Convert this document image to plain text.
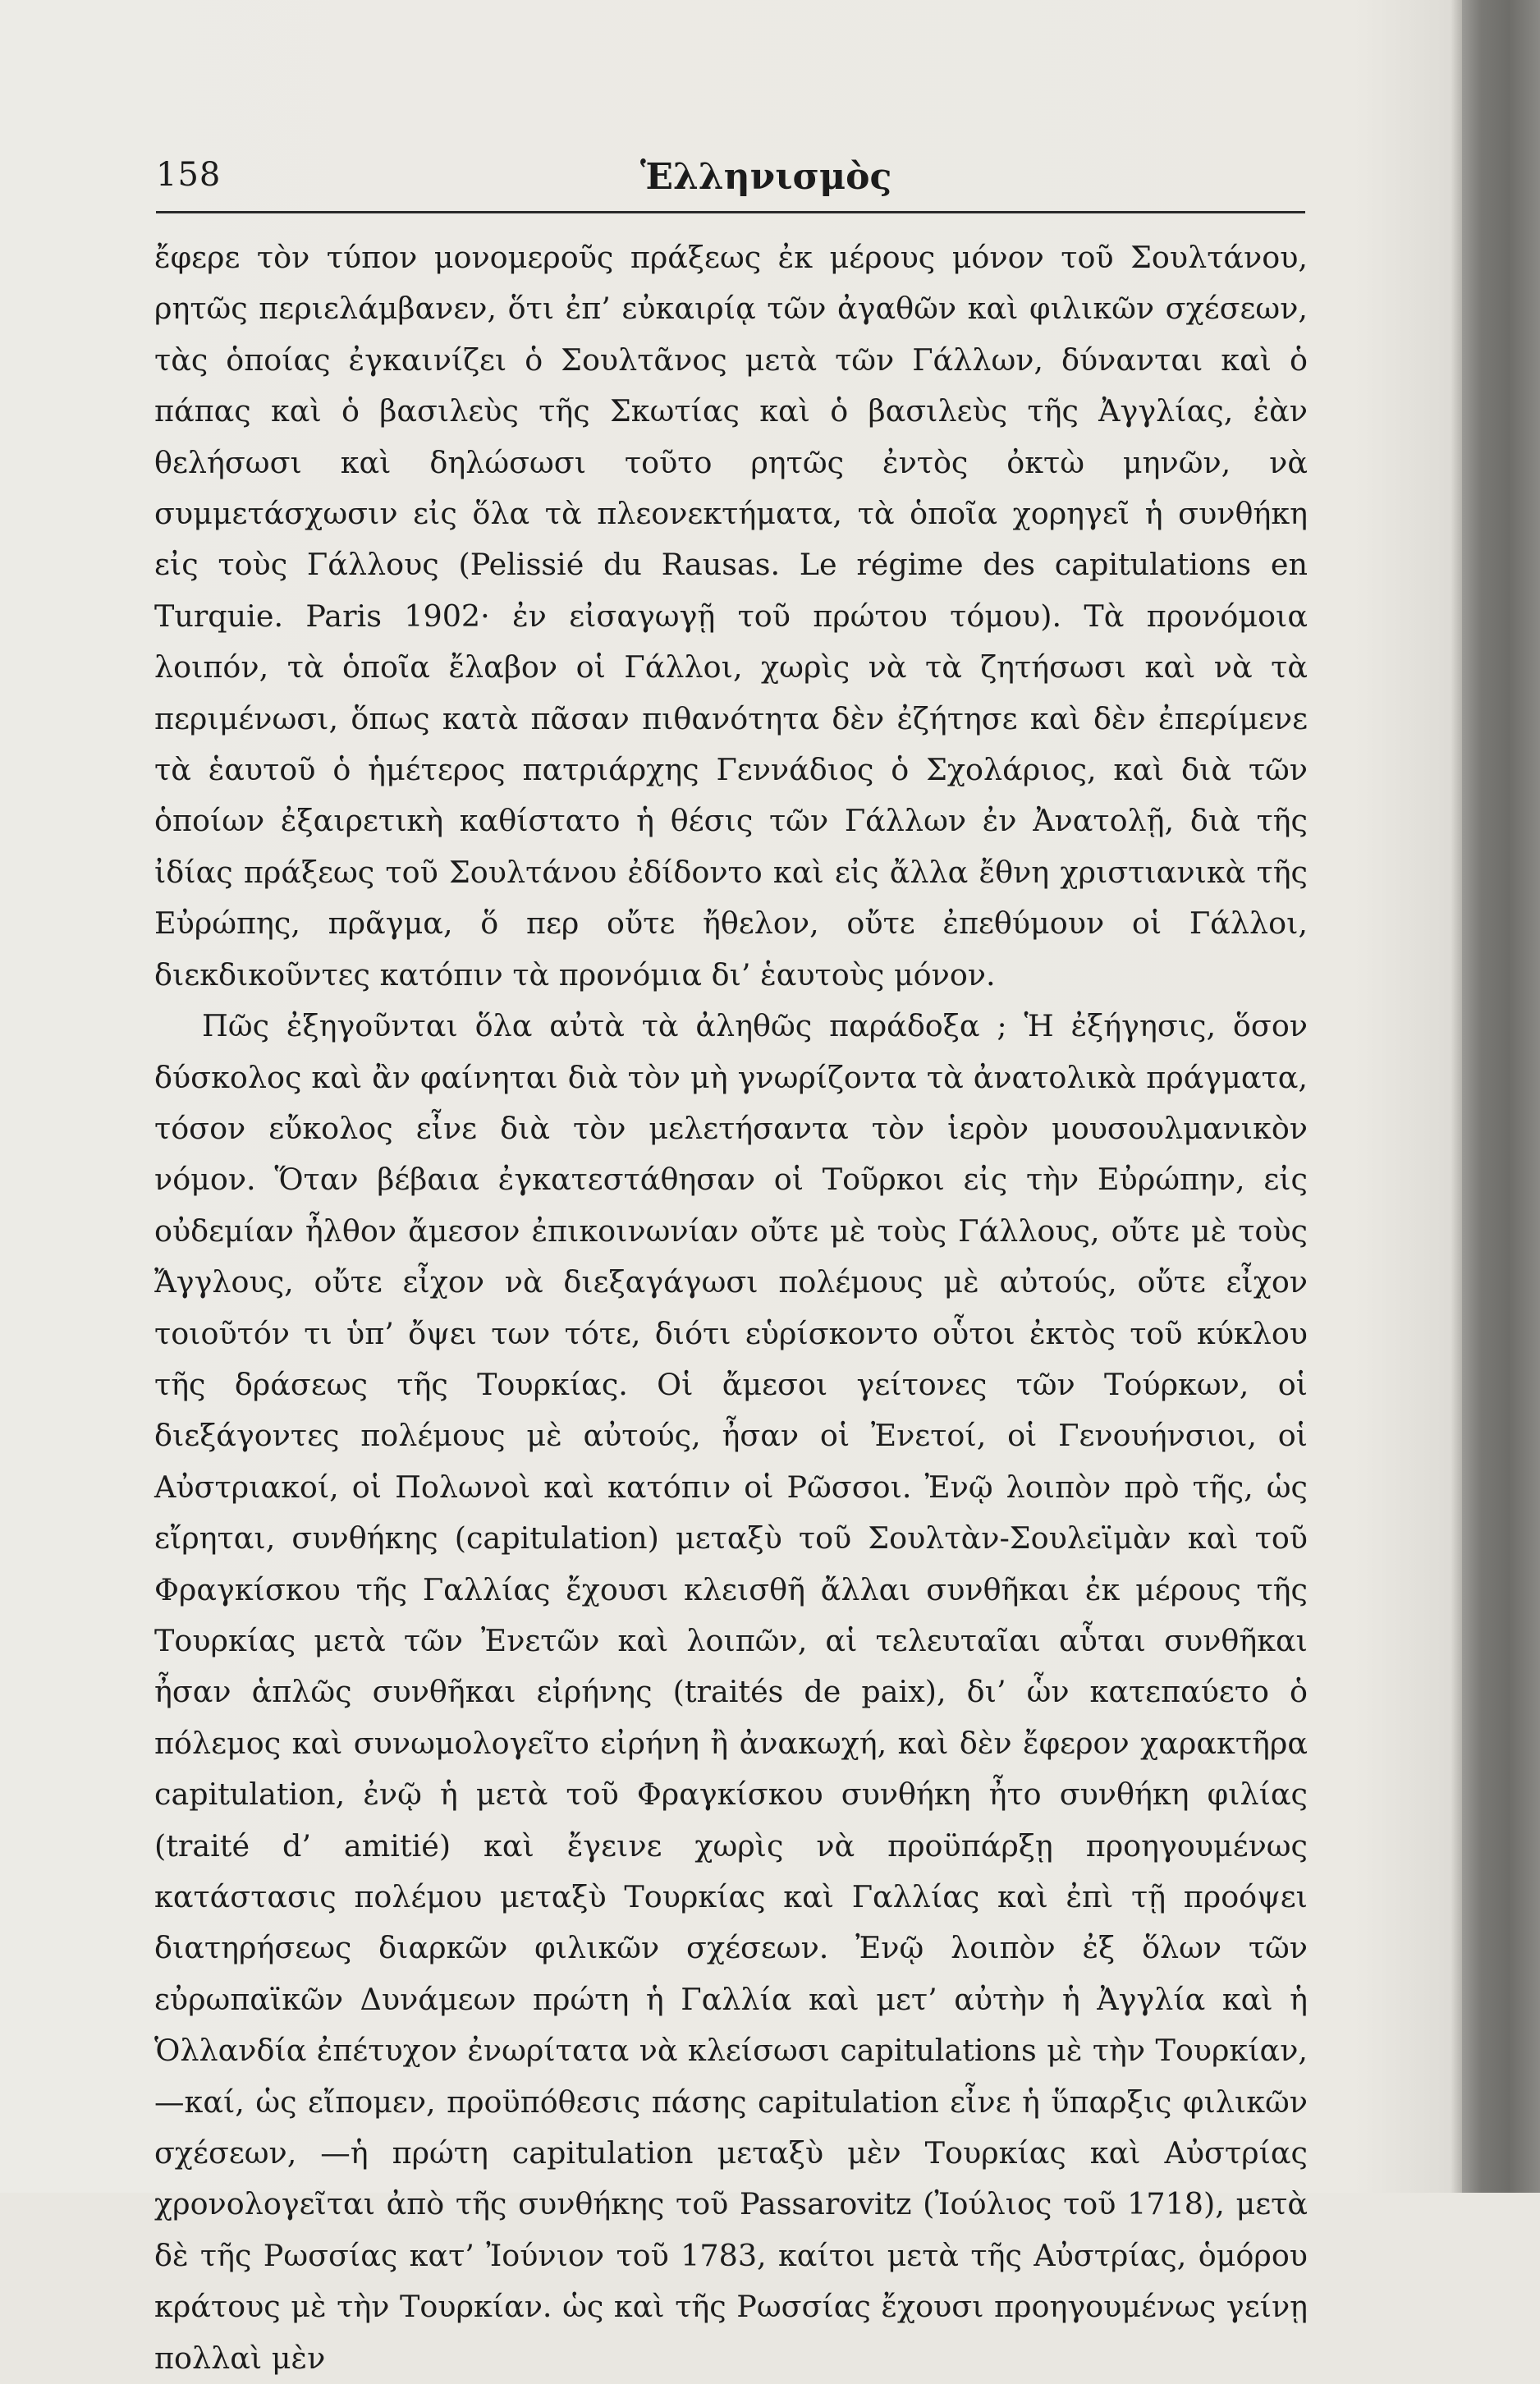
158	Ἑλληνισμὸς

ἔφερε τὸν τύπον μονομεροῦς πράξεως ἐκ μέρους μόνον τοῦ Σουλτάνου, ρητῶς περιελάμβανεν, ὅτι ἐπ’ εὐκαιρίᾳ τῶν ἀγαθῶν καὶ φιλικῶν σχέσεων, τὰς ὁποίας ἐγκαινίζει ὁ Σουλτᾶνος μετὰ τῶν Γάλλων, δύνανται καὶ ὁ πάπας καὶ ὁ βασιλεὺς τῆς Σκωτίας καὶ ὁ βασιλεὺς τῆς Ἀγγλίας, ἐὰν θελήσωσι καὶ δηλώσωσι τοῦτο ρητῶς ἐντὸς ὀκτὼ μηνῶν, νὰ συμμετάσχωσιν εἰς ὅλα τὰ πλεονεκτήματα, τὰ ὁποῖα χορηγεῖ ἡ συνθήκη εἰς τοὺς Γάλλους (Pelissié du Rausas. Le régime des capitulations en Turquie. Paris 1902· ἐν εἰσαγωγῇ τοῦ πρώτου τόμου). Τὰ προνόμοια λοιπόν, τὰ ὁποῖα ἔλαβον οἱ Γάλλοι, χωρὶς νὰ τὰ ζητήσωσι καὶ νὰ τὰ περιμένωσι, ὅπως κατὰ πᾶσαν πιθανότητα δὲν ἐζήτησε καὶ δὲν ἐπερίμενε τὰ ἑαυτοῦ ὁ ἡμέτερος πατριάρχης Γεννάδιος ὁ Σχολάριος, καὶ διὰ τῶν ὁποίων ἐξαιρετικὴ καθίστατο ἡ θέσις τῶν Γάλλων ἐν Ἀνατολῇ, διὰ τῆς ἰδίας πράξεως τοῦ Σουλτάνου ἐδίδοντο καὶ εἰς ἄλλα ἔθνη χριστιανικὰ τῆς Εὐρώπης, πρᾶγμα, ὅ περ οὔτε ἤθελον, οὔτε ἐπεθύμουν οἱ Γάλλοι, διεκδικοῦντες κατόπιν τὰ προνόμια δι’ ἑαυτοὺς μόνον.

Πῶς ἐξηγοῦνται ὅλα αὐτὰ τὰ ἀληθῶς παράδοξα ; Ἡ ἐξήγησις, ὅσον δύσκολος καὶ ἂν φαίνηται διὰ τὸν μὴ γνωρίζοντα τὰ ἀνατολικὰ πράγματα, τόσον εὔκολος εἶνε διὰ τὸν μελετήσαντα τὸν ἱερὸν μουσουλμανικὸν νόμον. Ὅταν βέβαια ἐγκατεστάθησαν οἱ Τοῦρκοι εἰς τὴν Εὐρώπην, εἰς οὐδεμίαν ἦλθον ἄμεσον ἐπικοινωνίαν οὔτε μὲ τοὺς Γάλλους, οὔτε μὲ τοὺς Ἄγγλους, οὔτε εἶχον νὰ διεξαγάγωσι πολέμους μὲ αὐτούς, οὔτε εἶχον τοιοῦτόν τι ὑπ’ ὄψει των τότε, διότι εὑρίσκοντο οὗτοι ἐκτὸς τοῦ κύκλου τῆς δράσεως τῆς Τουρκίας. Οἱ ἄμεσοι γείτονες τῶν Τούρκων, οἱ διεξάγοντες πολέμους μὲ αὐτούς, ἦσαν οἱ Ἐνετοί, οἱ Γενουήνσιοι, οἱ Αὐστριακοί, οἱ Πολωνοὶ καὶ κατόπιν οἱ Ρῶσσοι. Ἐνῷ λοιπὸν πρὸ τῆς, ὡς εἴρηται, συνθήκης (capitulation) μεταξὺ τοῦ Σουλτὰν-Σουλεϊμὰν καὶ τοῦ Φραγκίσκου τῆς Γαλλίας ἔχουσι κλεισθῆ ἄλλαι συνθῆκαι ἐκ μέρους τῆς Τουρκίας μετὰ τῶν Ἐνετῶν καὶ λοιπῶν, αἱ τελευταῖαι αὗται συνθῆκαι ἦσαν ἁπλῶς συνθῆκαι εἰρήνης (traités de paix), δι’ ὧν κατεπαύετο ὁ πόλεμος καὶ συνωμολογεῖτο εἰρήνη ἢ ἀνακωχή, καὶ δὲν ἔφερον χαρακτῆρα capitulation, ἐνῷ ἡ μετὰ τοῦ Φραγκίσκου συνθήκη ἦτο συνθήκη φιλίας (traité d’ amitié) καὶ ἔγεινε χωρὶς νὰ προϋπάρξῃ προηγουμένως κατάστασις πολέμου μεταξὺ Τουρκίας καὶ Γαλλίας καὶ ἐπὶ τῇ προόψει διατηρήσεως διαρκῶν φιλικῶν σχέσεων. Ἐνῷ λοιπὸν ἐξ ὅλων τῶν εὐρωπαϊκῶν Δυνάμεων πρώτη ἡ Γαλλία καὶ μετ’ αὐτὴν ἡ Ἀγγλία καὶ ἡ Ὁλλανδία ἐπέτυχον ἐνωρίτατα νὰ κλείσωσι capitulations μὲ τὴν Τουρκίαν, —καί, ὡς εἴπομεν, προϋπόθεσις πάσης capitulation εἶνε ἡ ὕπαρξις φιλικῶν σχέσεων, —ἡ πρώτη capitulation μεταξὺ μὲν Τουρκίας καὶ Αὐστρίας χρονολογεῖται ἀπὸ τῆς συνθήκης τοῦ Passarovitz (Ἰούλιος τοῦ 1718), μετὰ δὲ τῆς Ρωσσίας κατ’ Ἰούνιον τοῦ 1783, καίτοι μετὰ τῆς Αὐστρίας, ὁμόρου κράτους μὲ τὴν Τουρκίαν. ὡς καὶ τῆς Ρωσσίας ἔχουσι προηγουμένως γείνῃ πολλαὶ μὲν
